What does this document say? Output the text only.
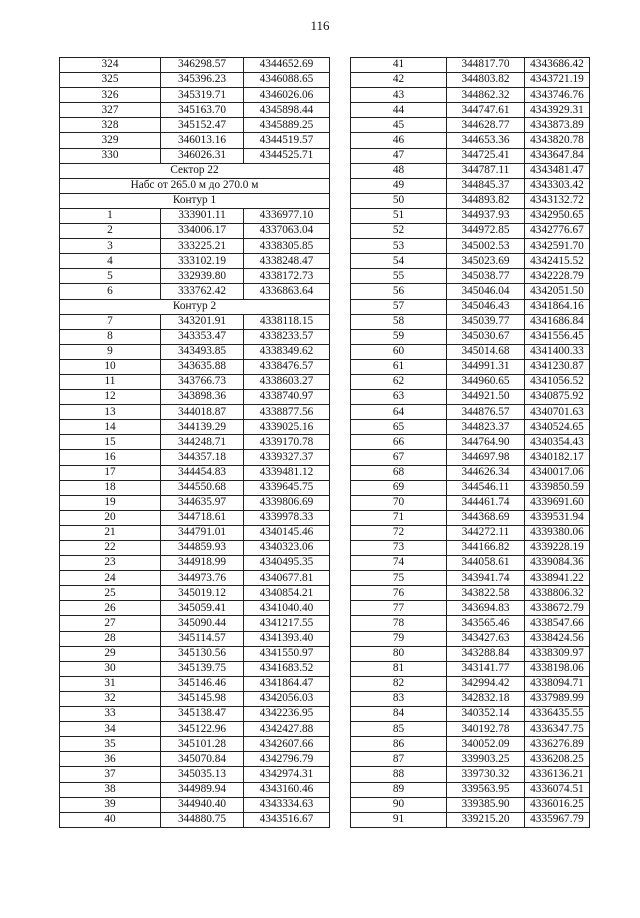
116
324	346298.57	4344652.69
325	345396.23	4346088.65
326	345319.71	4346026.06
327	345163.70	4345898.44
328	345152.47	4345889.25
329	346013.16	4344519.57
330	346026.31	4344525.71
Сектор 22		
Набс от 265.0 м до 270.0 м		
Контур 1		
1	333901.11	4336977.10
2	334006.17	4337063.04
3	333225.21	4338305.85
4	333102.19	4338248.47
5	332939.80	4338172.73
6	333762.42	4336863.64
Контур 2		
7	343201.91	4338118.15
8	343353.47	4338233.57
9	343493.85	4338349.62
10	343635.88	4338476.57
11	343766.73	4338603.27
12	343898.36	4338740.97
13	344018.87	4338877.56
14	344139.29	4339025.16
15	344248.71	4339170.78
16	344357.18	4339327.37
17	344454.83	4339481.12
18	344550.68	4339645.75
19	344635.97	4339806.69
20	344718.61	4339978.33
21	344791.01	4340145.46
22	344859.93	4340323.06
23	344918.99	4340495.35
24	344973.76	4340677.81
25	345019.12	4340854.21
26	345059.41	4341040.40
27	345090.44	4341217.55
28	345114.57	4341393.40
29	345130.56	4341550.97
30	345139.75	4341683.52
31	345146.46	4341864.47
32	345145.98	4342056.03
33	345138.47	4342236.95
34	345122.96	4342427.88
35	345101.28	4342607.66
36	345070.84	4342796.79
37	345035.13	4342974.31
38	344989.94	4343160.46
39	344940.40	4343334.63
40	344880.75	4343516.67
41	344817.70	4343686.42
42	344803.82	4343721.19
43	344862.32	4343746.76
44	344747.61	4343929.31
45	344628.77	4343873.89
46	344653.36	4343820.78
47	344725.41	4343647.84
48	344787.11	4343481.47
49	344845.37	4343303.42
50	344893.82	4343132.72
51	344937.93	4342950.65
52	344972.85	4342776.67
53	345002.53	4342591.70
54	345023.69	4342415.52
55	345038.77	4342228.79
56	345046.04	4342051.50
57	345046.43	4341864.16
58	345039.77	4341686.84
59	345030.67	4341556.45
60	345014.68	4341400.33
61	344991.31	4341230.87
62	344960.65	4341056.52
63	344921.50	4340875.92
64	344876.57	4340701.63
65	344823.37	4340524.65
66	344764.90	4340354.43
67	344697.98	4340182.17
68	344626.34	4340017.06
69	344546.11	4339850.59
70	344461.74	4339691.60
71	344368.69	4339531.94
72	344272.11	4339380.06
73	344166.82	4339228.19
74	344058.61	4339084.36
75	343941.74	4338941.22
76	343822.58	4338806.32
77	343694.83	4338672.79
78	343565.46	4338547.66
79	343427.63	4338424.56
80	343288.84	4338309.97
81	343141.77	4338198.06
82	342994.42	4338094.71
83	342832.18	4337989.99
84	340352.14	4336435.55
85	340192.78	4336347.75
86	340052.09	4336276.89
87	339903.25	4336208.25
88	339730.32	4336136.21
89	339563.95	4336074.51
90	339385.90	4336016.25
91	339215.20	4335967.79
